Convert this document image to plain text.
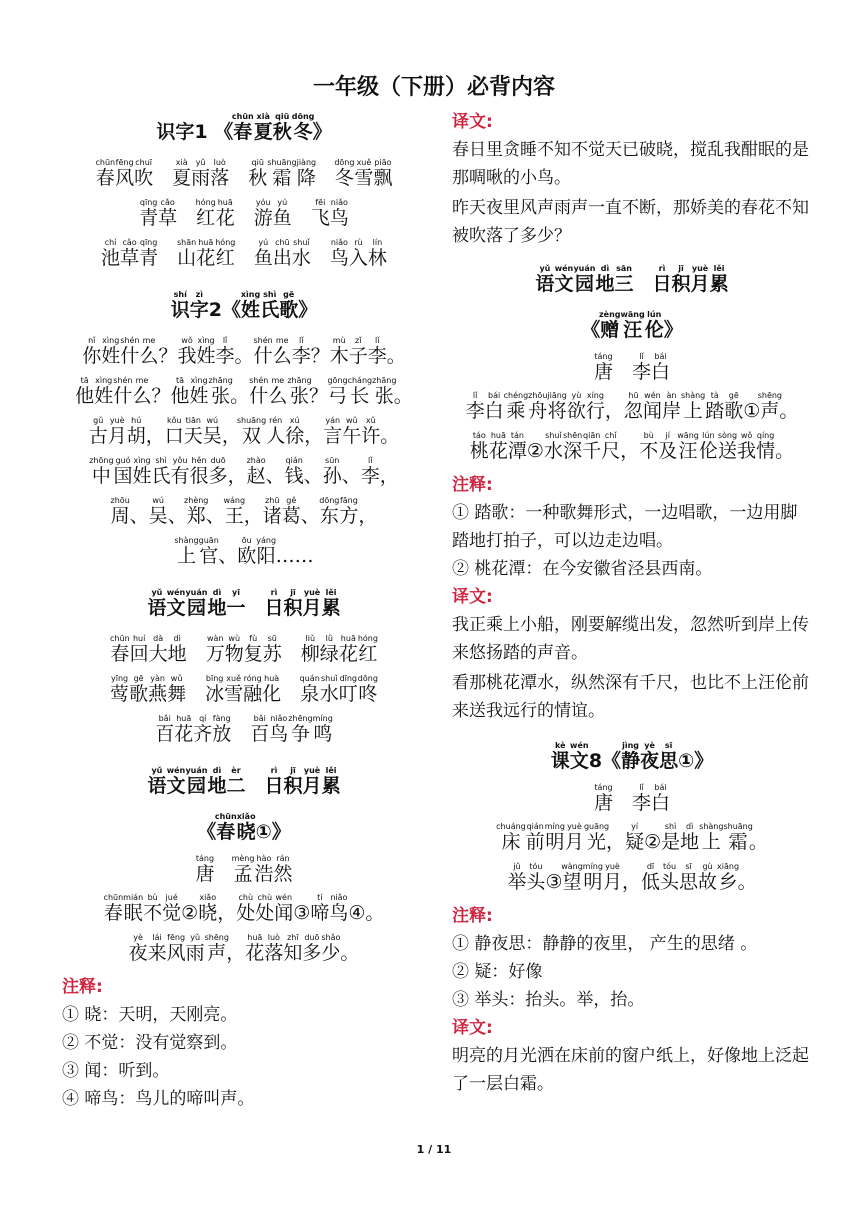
一年级（下册）必背内容
识字1 《春chūn夏xià秋qiū冬dōng》
春chūn风fēng吹chuī　夏xià雨yǔ落luò　秋qiū霜shuāng降jiàng　冬dōng雪xuě飘piāo
青qīng草cǎo　红hóng花huā　游yóu鱼yú　飞fēi鸟niǎo
池chí草cǎo青qīng　山shān花huā红hóng　鱼yú出chū水shuǐ　鸟niǎo入rù林lín
识shí字zì2《姓xìng氏shì歌gē》
你nǐ姓xìng什shén么me？我wǒ姓xìng李lǐ。什shén么me李lǐ？木mù子zǐ李lǐ。
他tā姓xìng什shén么me？他tā姓xìng张zhāng。什shén么me张zhāng？弓gōng长cháng张zhāng。
古gǔ月yuè胡hú，口kǒu天tiān吴wú，双shuāng人rén徐xú，言yán午wǔ许xǔ。
中zhōng国guó姓xìng氏shì有yǒu很hěn多duō，赵zhào、钱qián、孙sūn、李lǐ，
周zhōu、吴wú、郑zhèng、王wáng，诸zhū葛gě、东dōng方fāng，
上shàng官guān、欧ōu阳yáng……
语yǔ文wén园yuán地dì一yī　日rì积jī月yuè累lěi
春chūn回huí大dà地dì　万wàn物wù复fù苏sū　柳liǔ绿lǜ花huā红hóng
莺yīng歌gē燕yàn舞wǔ　冰bīng雪xuě融róng化huà　泉quán水shuǐ叮dīng咚dōng
百bǎi花huā齐qí放fàng　百bǎi鸟niǎo争zhēng鸣míng
语yǔ文wén园yuán地dì二èr　日rì积jī月yuè累lěi
《春chūn晓xiǎo①》
唐táng　孟mèng浩hào然rán
春chūn眠mián不bù觉jué②晓xiǎo，处chù处chù闻wén③啼tí鸟niǎo④。
夜yè来lái风fēng雨yǔ声shēng，花huā落luò知zhī多duō少shǎo。
注释:
① 晓：天明，天刚亮。
② 不觉：没有觉察到。
③ 闻：听到。
④ 啼鸟：鸟儿的啼叫声。
译文:
春日里贪睡不知不觉天已破晓，搅乱我酣眠的是那啁啾的小鸟。
昨天夜里风声雨声一直不断，那娇美的春花不知被吹落了多少？
语yǔ文wén园yuán地dì三sān　日rì积jī月yuè累lěi
《赠zèng汪wāng伦lún》
唐táng　李lǐ白bái
李lǐ白bái乘chéng舟zhōu将jiāng欲yù行xíng，忽hū闻wén岸àn上shàng踏tà歌gē①声shēng。
桃táo花huā潭tán②水shuǐ深shēn千qiān尺chǐ，不bù及jí汪wāng伦lún送sòng我wǒ情qíng。
注释:
① 踏歌：一种歌舞形式，一边唱歌，一边用脚踏地打拍子，可以边走边唱。
② 桃花潭：在今安徽省泾县西南。
译文:
我正乘上小船，刚要解缆出发，忽然听到岸上传来悠扬踏的声音。
看那桃花潭水，纵然深有千尺，也比不上汪伦前来送我远行的情谊。
课kè文wén8《静jìng夜yè思sī①》
唐táng　李lǐ白bái
床chuáng前qián明míng月yuè光guāng，疑yí②是shì地dì上shàng霜shuāng。
举jǔ头tóu③望wàng明míng月yuè，低dī头tóu思sī故gù乡xiāng。
注释:
① 静夜思：静静的夜里， 产生的思绪 。
② 疑：好像
③ 举头：抬头。举，抬。
译文:
明亮的月光洒在床前的窗户纸上，好像地上泛起了一层白霜。
1 / 11
